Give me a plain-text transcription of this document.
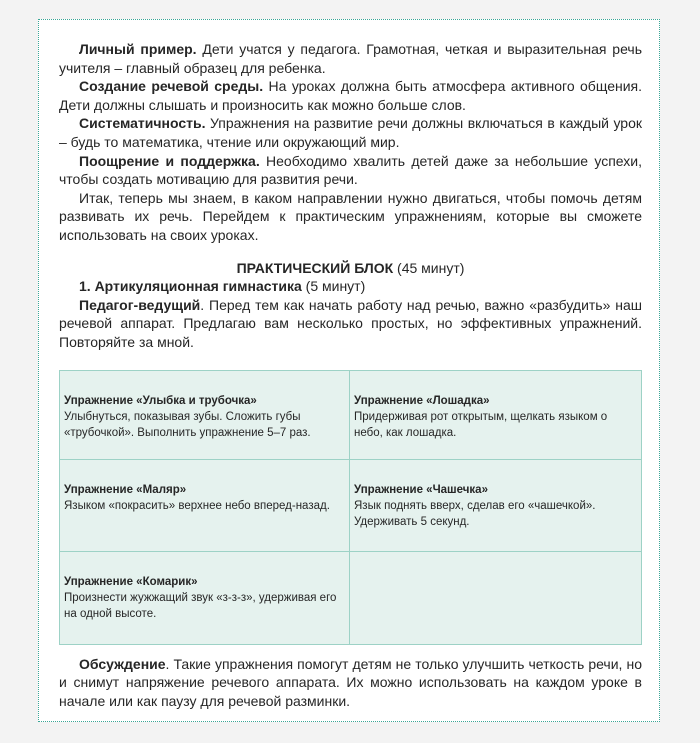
Личный пример. Дети учатся у педагога. Грамотная, четкая и выразительная речь учителя – главный образец для ребенка.

Создание речевой среды. На уроках должна быть атмосфера активного общения. Дети должны слышать и произносить как можно больше слов.

Систематичность. Упражнения на развитие речи должны включаться в каждый урок – будь то математика, чтение или окружающий мир.

Поощрение и поддержка. Необходимо хвалить детей даже за небольшие успехи, чтобы создать мотивацию для развития речи.

Итак, теперь мы знаем, в каком направлении нужно двигаться, чтобы помочь детям развивать их речь. Перейдем к практическим упражнениям, которые вы сможете использовать на своих уроках.

ПРАКТИЧЕСКИЙ БЛОК (45 минут)

1. Артикуляционная гимнастика (5 минут)

Педагог-ведущий. Перед тем как начать работу над речью, важно «разбудить» наш речевой аппарат. Предлагаю вам несколько простых, но эффективных упражнений. Повторяйте за мной.

Упражнение «Улыбка и трубочка»
Улыбнуться, показывая зубы. Сложить губы «трубочкой». Выполнить упражнение 5–7 раз.
Упражнение «Лошадка»
Придерживая рот открытым, щелкать языком о небо, как лошадка.
Упражнение «Маляр»
Языком «покрасить» верхнее небо вперед-назад.
Упражнение «Чашечка»
Язык поднять вверх, сделав его «чашечкой». Удерживать 5 секунд.
Упражнение «Комарик»
Произнести жужжащий звук «з-з-з», удерживая его на одной высоте.

Обсуждение. Такие упражнения помогут детям не только улучшить четкость речи, но и снимут напряжение речевого аппарата. Их можно использовать на каждом уроке в начале или как паузу для речевой разминки.
